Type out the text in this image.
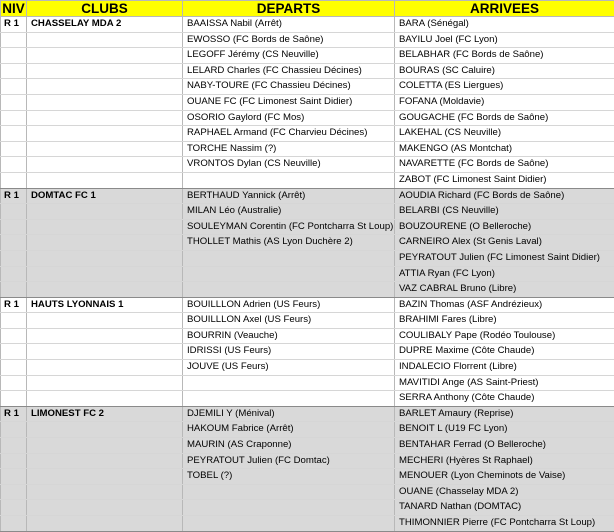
NIV	CLUBS	DEPARTS	ARRIVEES
R 1	CHASSELAY MDA 2	BAAISSA Nabil (Arrêt)	BARA (Sénégal)
		EWOSSO (FC Bords de Saône)	BAYILU Joel (FC Lyon)
		LEGOFF Jérémy (CS Neuville)	BELABHAR (FC Bords de Saône)
		LELARD Charles (FC Chassieu Décines)	BOURAS (SC Caluire)
		NABY-TOURE (FC Chassieu Décines)	COLETTA (ES Liergues)
		OUANE FC (FC Limonest Saint Didier)	FOFANA (Moldavie)
		OSORIO Gaylord (FC Mos)	GOUGACHE (FC Bords de Saône)
		RAPHAEL Armand (FC Charvieu Décines)	LAKEHAL (CS Neuville)
		TORCHE Nassim (?)	MAKENGO (AS Montchat)
		VRONTOS Dylan (CS Neuville)	NAVARETTE (FC Bords de Saône)
			ZABOT (FC Limonest Saint Didier)
R 1	DOMTAC FC 1	BERTHAUD Yannick (Arrêt)	AOUDIA Richard (FC Bords de Saône)
		MILAN Léo (Australie)	BELARBI (CS Neuville)
		SOULEYMAN Corentin (FC Pontcharra St Loup)	BOUZOURENE (O Belleroche)
		THOLLET Mathis (AS Lyon Duchère 2)	CARNEIRO Alex (St Genis Laval)
			PEYRATOUT Julien (FC Limonest Saint Didier)
			ATTIA Ryan (FC Lyon)
			VAZ CABRAL Bruno (Libre)
R 1	HAUTS LYONNAIS 1	BOUILLLON Adrien (US Feurs)	BAZIN Thomas (ASF Andrézieux)
		BOUILLLON Axel (US Feurs)	BRAHIMI Fares (Libre)
		BOURRIN (Veauche)	COULIBALY Pape (Rodéo Toulouse)
		IDRISSI (US Feurs)	DUPRE Maxime (Côte Chaude)
		JOUVE (US Feurs)	INDALECIO Florrent (Libre)
			MAVITIDI Ange (AS Saint-Priest)
			SERRA Anthony (Côte Chaude)
R 1	LIMONEST FC 2	DJEMILI Y (Ménival)	BARLET Amaury (Reprise)
		HAKOUM Fabrice (Arrêt)	BENOIT L (U19 FC Lyon)
		MAURIN (AS Craponne)	BENTAHAR Ferrad (O Belleroche)
		PEYRATOUT Julien (FC Domtac)	MECHERI (Hyères St Raphael)
		TOBEL (?)	MENOUER (Lyon Cheminots de Vaise)
			OUANE (Chasselay MDA 2)
			TANARD Nathan (DOMTAC)
			THIMONNIER Pierre (FC Pontcharra St Loup)
